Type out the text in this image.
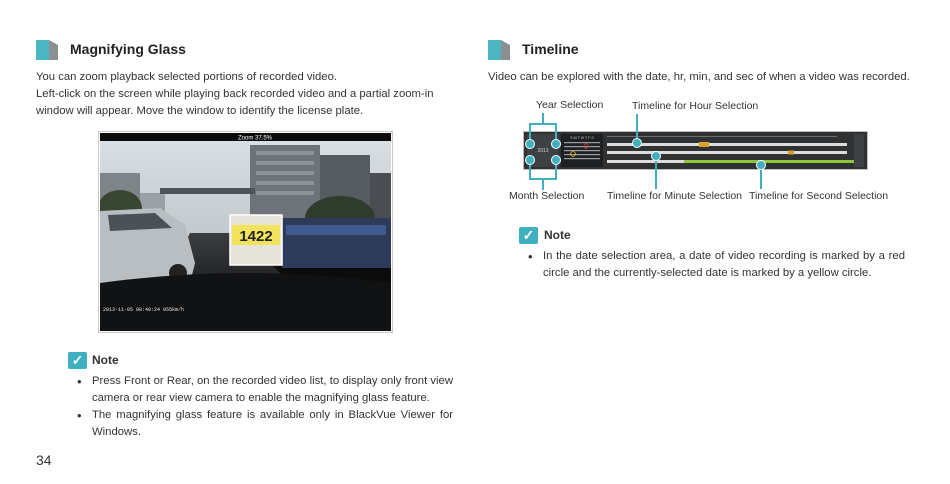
Magnifying Glass
You can zoom playback selected portions of recorded video.
Left-click on the screen while playing back recorded video and a partial zoom-in window will appear. Move the window to identify the license plate.
1422
Zoom 37.5%
2013-11-05 08:40:24 055km/h
✓ Note
• Press Front or Rear, on the recorded video list, to display only front view camera or rear view camera to enable the magnifying glass feature.
• The magnifying glass feature is available only in BlackVue Viewer for Windows.
34
Timeline
Video can be explored with the date, hr, min, and sec of when a video was recorded.
Year Selection	Timeline for Hour Selection
Month Selection Timeline for Minute Selection Timeline for Second Selection
2013
S M T W T F S
✓ Note
• In the date selection area, a date of video recording is marked by a red circle and the currently-selected date is marked by a yellow circle.
